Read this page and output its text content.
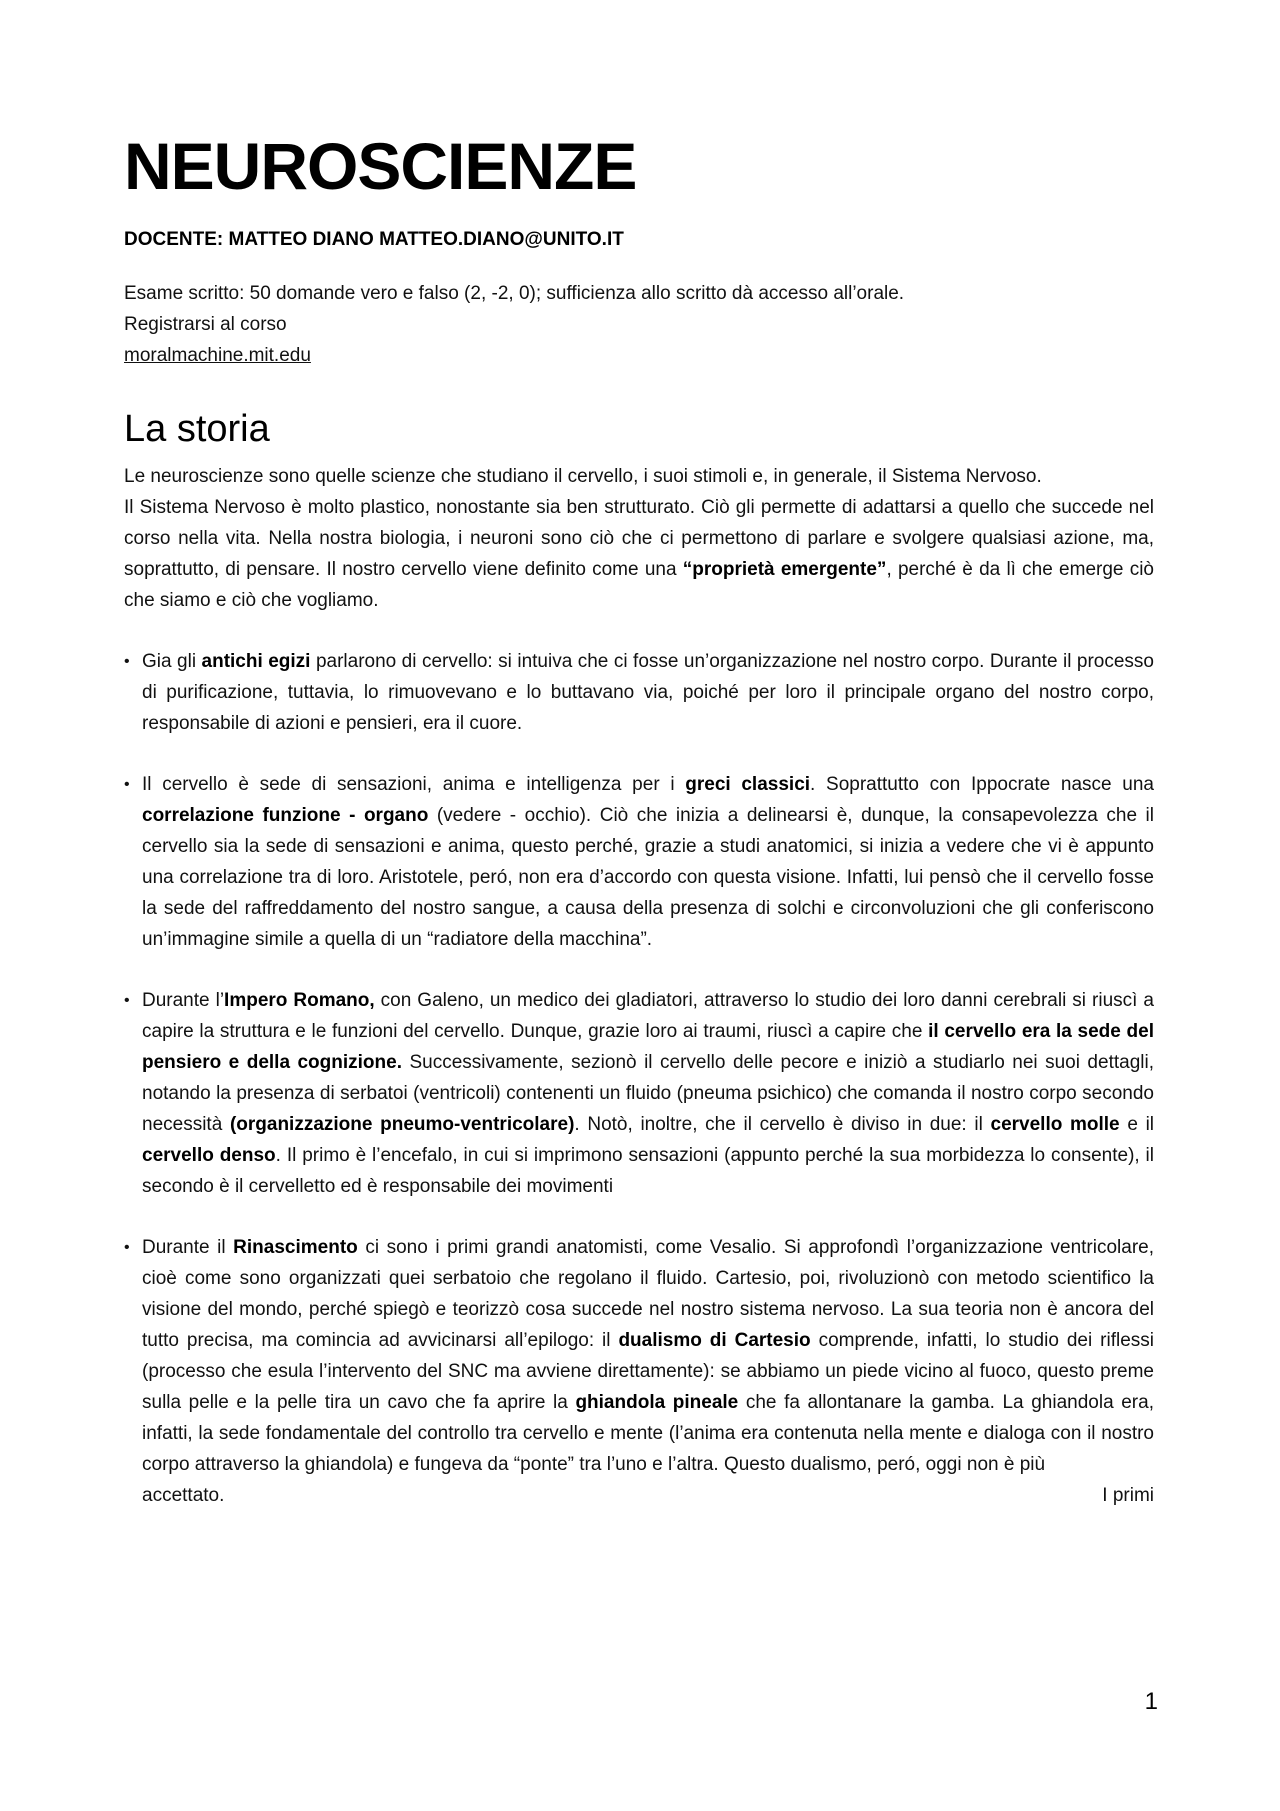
NEUROSCIENZE
DOCENTE: MATTEO DIANO MATTEO.DIANO@UNITO.IT

Esame scritto: 50 domande vero e falso (2, -2, 0); sufficienza allo scritto dà accesso all’orale.

Registrarsi al corso

moralmachine.mit.edu

La storia

Le neuroscienze sono quelle scienze che studiano il cervello, i suoi stimoli e, in generale, il Sistema Nervoso.

Il Sistema Nervoso è molto plastico, nonostante sia ben strutturato. Ciò gli permette di adattarsi a quello che succede nel corso nella vita. Nella nostra biologia, i neuroni sono ciò che ci permettono di parlare e svolgere qualsiasi azione, ma, soprattutto, di pensare. Il nostro cervello viene definito come una “proprietà emergente”, perché è da lì che emerge ciò che siamo e ciò che vogliamo.

• Gia gli antichi egizi parlarono di cervello: si intuiva che ci fosse un’organizzazione nel nostro corpo. Durante il processo di purificazione, tuttavia, lo rimuovevano e lo buttavano via, poiché per loro il principale organo del nostro corpo, responsabile di azioni e pensieri, era il cuore.
• Il cervello è sede di sensazioni, anima e intelligenza per i greci classici. Soprattutto con Ippocrate nasce una correlazione funzione - organo (vedere - occhio). Ciò che inizia a delinearsi è, dunque, la consapevolezza che il cervello sia la sede di sensazioni e anima, questo perché, grazie a studi anatomici, si inizia a vedere che vi è appunto una correlazione tra di loro. Aristotele, peró, non era d’accordo con questa visione. Infatti, lui pensò che il cervello fosse la sede del raffreddamento del nostro sangue, a causa della presenza di solchi e circonvoluzioni che gli conferiscono un’immagine simile a quella di un “radiatore della macchina”.
• Durante l’Impero Romano, con Galeno, un medico dei gladiatori, attraverso lo studio dei loro danni cerebrali si riuscì a capire la struttura e le funzioni del cervello. Dunque, grazie loro ai traumi, riuscì a capire che il cervello era la sede del pensiero e della cognizione. Successivamente, sezionò il cervello delle pecore e iniziò a studiarlo nei suoi dettagli, notando la presenza di serbatoi (ventricoli) contenenti un fluido (pneuma psichico) che comanda il nostro corpo secondo necessità (organizzazione pneumo-ventricolare). Notò, inoltre, che il cervello è diviso in due: il cervello molle e il cervello denso. Il primo è l’encefalo, in cui si imprimono sensazioni (appunto perché la sua morbidezza lo consente), il secondo è il cervelletto ed è responsabile dei movimenti
• Durante il Rinascimento ci sono i primi grandi anatomisti, come Vesalio. Si approfondì l’organizzazione ventricolare, cioè come sono organizzati quei serbatoio che regolano il fluido. Cartesio, poi, rivoluzionò con metodo scientifico la visione del mondo, perché spiegò e teorizzò cosa succede nel nostro sistema nervoso. La sua teoria non è ancora del tutto precisa, ma comincia ad avvicinarsi all’epilogo: il dualismo di Cartesio comprende, infatti, lo studio dei riflessi (processo che esula l’intervento del SNC ma avviene direttamente): se abbiamo un piede vicino al fuoco, questo preme sulla pelle e la pelle tira un cavo che fa aprire la ghiandola pineale che fa allontanare la gamba. La ghiandola era, infatti, la sede fondamentale del controllo tra cervello e mente (l’anima era contenuta nella mente e dialoga con il nostro corpo attraverso la ghiandola) e fungeva da “ponte” tra l’uno e l’altra. Questo dualismo, peró, oggi non è più
accettato.	I primi
1
